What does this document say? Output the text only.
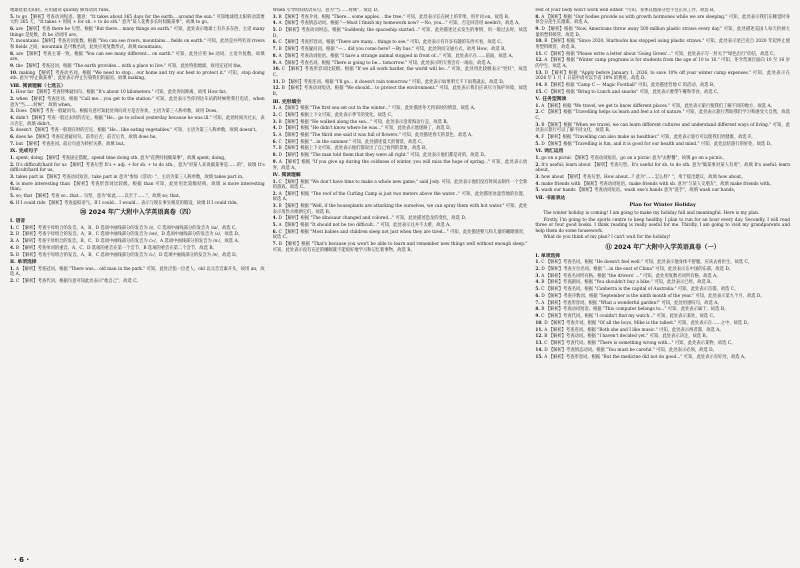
地球绕着太阳转。应用副词 quickly 修饰动词 runs。

5. to go 【解析】考查动词短语。题意："It takes about 365 days for the earth... around the sun." 可知地球绕太阳转动需要大约 365 天，"It takes + 时间 + for sb. + to do sth." 意为"某人花费多长时间做某事"，故填 to go。

6. are 【解析】考查 there be 句型。根据 "But there... many things on earth." 可知，此处表示地球上有许多东西，主语 many things 是复数，故 be 动词用 are。

7. mountains 【解析】考查名词复数。根据 "You can see rivers, mountains... fields on earth." 可知，此处是并列名词 rivers 和 fields 之间，mountain 是可数名词，此处应用复数形式，故填 mountains。

8. are 【解析】考查主谓一致。根据 "You can see many different... on earth." 可知，此处应用 be 动词，主语为复数，故填 are。

9. the 【解析】考查冠词。根据 "The earth provides... with a place to live." 可知，此处特指地球，故用定冠词 the。

10. making 【解析】考查动名词。根据 "We need to stop... our home and try our best to protect it." 可知，stop doing sth. 意为"停止做某事"，此处表示停止污染我们的家园，故填 making。

Ⅷ. 阅读理解（七选五）

1. How far 【解析】考查特殊疑问句。根据 "It's about 10 kilometers." 可知，此处询问距离，故用 How far。

2. when 【解析】考查连词。根据 "Call me... you get to the station." 可知，此处表示当你到达车站的时候给我打电话，when 意为"当……时候"，故填 when。

3. Does 【解析】考查一般疑问句。根据句意可知此处询问对方是否喜欢，主语为第三人称单数，故用 Does。

4. didn't 【解析】考查一般过去时的否定。根据 "He... go to school yesterday because he was ill." 可知，此处时间为过去，表示否定，故填 didn't。

5. doesn't 【解析】考查一般现在时的否定。根据 "He... like eating vegetables." 可知，主语为第三人称单数，故填 doesn't。

6. does he 【解析】考查反意疑问句。前肯后否、前否后肯，故填 does he。

7. but 【解析】考查连词。前后句意为转折关系，故填 but。

Ⅸ. 完成句子

1. spent; doing 【解析】考查固定搭配。spend time doing sth. 意为"花费时间做某事"，故填 spent; doing。

2. It's difficult/hard for us 【解析】考查句型 It's + adj. + for sb. + to do sth.，意为"对某人来说做某事是……的"，故填 It's difficult/hard for us。

3. takes part in 【解析】考查动词短语。take part in 意为"参加（活动）"，主语为第三人称单数，故填 takes part in。

4. is more interesting than 【解析】考查形容词比较级。根据 than 可知，此处用比较级结构，故填 is more interesting than。

5. so; that 【解析】考查 so...that... 句型，意为"如此……以至于……"，故填 so; that。

6. If I could ride 【解析】考查虚拟语气。If I could... I would... 表示与现在事实相反的假设，故填 If I could ride。

⑳ 2024 年广大附中入学英语真卷（四）
Ⅰ. 语音

1. C 【解析】考查字母组合的发音。A、B、D 选项中画线部分的发音为 /ɪ/，C 选项中画线部分的发音为 /aɪ/，故选 C。

2. D 【解析】考查字母组合的发音。A、B、C 选项中画线部分的发音为 /əʊ/，D 选项中画线部分的发音为 /ʌ/，故选 D。

3. A 【解析】考查字母组合的发音。B、C、D 选项中画线部分的发音为 /ɔː/，A 选项中画线部分的发音为 /ɑː/，故选 A。

4. B 【解析】考查单词的重音。A、C、D 选项的重音在第一个音节，B 选项的重音在第二个音节，故选 B。

5. D 【解析】考查字母组合的发音。A、B、C 选项中画线部分的发音为 /iː/，D 选项中画线部分的发音为 /e/，故选 D。

Ⅱ. 单项选择

1. A 【解析】考查冠词。根据 "There was... old man in the park." 可知，此处泛指一位老人，old 以元音音素开头，故用 an，故选 A。

2. C 【解析】考查代词。根据句意可知此处表示"他自己"，故选 C。

When 引导时间状语从句，意为"当……时候"，故选 D。

3. B 【解析】考查介词。根据 "There... some apples... the tree." 可知，此处表示长在树上的苹果，用介词 on，故选 B。

4. A 【解析】考查情态动词。根据 "—Must I finish my homework now? —No, you..." 可知，否定回答用 needn't，故选 A。

5. D 【解析】考查动词时态。根据 "Suddenly, the spaceship started..." 可知，此处描述过去发生的事情，用一般过去时，故选 D。

6. C 【解析】考查形容词。根据 "There are many... things to see." 可知，此处表示有许多有趣的东西可看，故选 C。

7. B 【解析】考查疑问词。根据 "—... did you come here? —By bus." 可知，此处询问交通方式，故用 How，故选 B。

8. A 【解析】考查动词短语。根据 "I have a strange animal stopped in front of..." 可知，此处表示在……前面，故选 A。

9. A 【解析】考查名词。根据 "There is going to be... tomorrow." 可知，此处表示明天将会有一场雨，故选 A。

10. C 【解析】考查形容词比较级。根据 "If we all work harder, the world will be..." 可知，此处用比较级表示"更好"，故选 C。

11. D 【解析】考查连词。根据 "I'll go... it doesn't rain tomorrow." 可知，此处表示如果明天不下雨我就去，故选 D。

12. B 【解析】考查动词短语。根据 "We should... to protect the environment." 可知，此处表示我们应该尽力保护环境，故选 B。

Ⅲ. 完形填空

1. A 【解析】根据 "The first sea set out in the winter..." 可知，此处描述冬天到来时的情景，故选 A。

2. C 【解析】根据上下文可知，此处表示季节的变化，故选 C。

3. B 【解析】根据 "He walked along the sea..." 可知，此处表示沿着海边行走，故选 B。

4. D 【解析】根据 "He didn't know where he was..." 可知，此处表示他迷路了，故选 D。

5. A 【解析】根据 "The third one said it was full of flowers." 可知，此处描述春天的景色，故选 A。

6. C 【解析】根据 "...in the summer." 可知，此处描述夏天的情景，故选 C。

7. B 【解析】根据上下文可知，此处表示他们都说出了自己看到的景象，故选 B。

8. D 【解析】根据 "The man told them that they were all right." 可知，此处表示他们都是对的，故选 D。

9. A 【解析】根据 "If you give up during the coldness of winter, you will miss the hope of spring..." 可知，此处表示放弃，故选 A。

Ⅳ. 阅读理解

1. C 【解析】根据 "We don't have time to make a whole new game," said Jody. 可知，此处表示他们没有时间去制作一个全新的游戏，故选 C。

2. A 【解析】根据 "The roof of the Curling Camp is just two meters above the water..." 可知，此处描述冰壶营地的位置，故选 A。

3. B 【解析】根据 "Well, if the houseplants are attacking the ourselves, we can spray them with hot water." 可知，此处表示用热水喷洒它们，故选 B。

4. D 【解析】根据 "The dinosaur changed and colored..." 可知，此处描述恐龙的变化，故选 D。

5. A 【解析】根据 "It should not be too difficult..." 可知，此处表示这并不太难，故选 A。

6. C 【解析】根据 "Most babies and children sleep not just when they are tired..." 可知，此处描述婴儿和儿童的睡眠情况，故选 C。

7. B 【解析】根据 "That's because you won't be able to learn and remember new things well without enough sleep." 可知，此处表示没有充足的睡眠就不能很好地学习和记忆新事物，故选 B。

rest of your body won't work well either. "可知，身体其他部分也不会正常工作，故选 B。

8. A 【解析】根据 "Our bodies provide us with growth hormones while we are sleeping." 可知，此处表示我们在睡觉时身体会分泌生长激素，故选 A。

9. D 【解析】根据 "Now, Americans throw away 500 million plastic straws every day." 可知，此处描述美国人每天扔掉大量的塑料吸管，故选 D。

10. B 【解析】根据 "Since 2020, Starbucks has stopped using plastic straws." 可知，此处表示星巴克自 2020 年起停止使用塑料吸管，故选 B。

11. C 【解析】根据 "Please write a letter about 'Going Green'..." 可知，此处表示写一封关于"绿色出行"的信，故选 C。

12. A 【解析】根据 "Winter camp programs is for students from the age of 10 to 16." 可知，冬令营项目面向 10 至 16 岁的学生，故选 A。

13. D 【解析】根据 "Apply before January 1, 2026, to save 10% off your winter camp expenses." 可知，此处表示在 2026 年 1 月 1 日前申请可以节省 10% 的费用，故选 D。

14. B 【解析】根据 "Camp C — Magic Football" 可知，此处描述营地 C 的活动，故选 B。

15. C 【解析】根据 "Bring to Lunch and snacks" 可知，此处表示要带午餐和零食，故选 C。

Ⅴ. 任务型阅读

1. A 【解析】根据 "We travel, we get to know different places." 可知，此处表示旅行使我们了解不同的地方，故选 A。

2. C 【解析】根据 "Travelling helps us learn and feel a lot of nature." 可知，此处表示旅行帮助我们学习和感受大自然，故选 C。

3. B 【解析】根据 "When we travel, we can learn different cultures and understand different ways of living." 可知，此处表示旅行可以了解不同文化，故选 B。

4. F 【解析】根据 "Travelling can also make us healthier." 可知，此处表示旅行可以使我们更健康，故选 F。

5. D 【解析】根据 "Travelling is fun, and it is good for our health and mind." 可知，此处总结旅行的好处，故选 D。

Ⅵ. 词汇运用

1. go on a picnic 【解析】考查动词短语。go on a picnic 意为"去野餐"，故填 go on a picnic。

2. It's useful; learn about 【解析】考查句型。It's useful for sb. to do sth. 意为"做某事对某人有用"，故填 It's useful; learn about。

3. how about 【解析】考查句型。How about...? 意为"……怎么样？"，用于提出建议，故填 how about。

4. make friends with 【解析】考查动词短语。make friends with sb. 意为"与某人交朋友"，故填 make friends with。

5. wash our hands 【解析】考查动词短语。wash one's hands 意为"洗手"，故填 wash our hands。

Ⅶ. 书面表达
Plan for Winter Holiday

The winter holiday is coming! I am going to make my holiday full and meaningful. Here is my plan.

Firstly, I'm going to the sports centre to keep healthy. I plan to run for an hour every day. Secondly, I will read three or four good books. I think reading is really useful for me. Thirdly, I am going to visit my grandparents and help them do some housework.

What do you think of my plan? I can't wait for the holiday!

⑪ 2024 年广大附中入学英语真卷（一）
Ⅰ. 单项选择

1. C 【解析】考查名词。根据 "He doesn't feel well." 可知，此处表示他身体不舒服，应该去看医生，故选 C。

2. D 【解析】考查方位名词。根据 "...in the east of China" 可知，此处表示在中国的东部，故选 D。

3. A 【解析】考查名词所有格。根据 "the drivers' ..." 可知，此处用复数名词所有格，故选 A。

4. B 【解析】考查副词。根据 "You shouldn't buy a bike." 可知，此处表示已经，故选 B。

5. C 【解析】考查名词。根据 "Canberra is the capital of Australia." 可知，此处表示首都，故选 C。

6. D 【解析】考查序数词。根据 "September is the ninth month of the year." 可知，此处表示第九个月，故选 D。

7. A 【解析】考查形容词。根据 "What a wonderful garden!" 可知，此处用感叹句，故选 A。

8. B 【解析】考查动词短语。根据 "This computer belongs to..." 可知，此处表示属于，故选 B。

9. C 【解析】考查代词。根据 "I couldn't find my watch..." 可知，此处表示某处，故选 C。

10. D 【解析】考查介词。根据 "Of all the boys, Mike is the tallest." 可知，此处表示在……之中，故选 D。

11. A 【解析】考查连词。根据 "Both she and I like music." 可知，此处表示两者都，故选 A。

12. B 【解析】考查动词。根据 "I haven't decided yet." 可知，此处表示决定，故选 B。

13. C 【解析】考查代词。根据 "There is something wrong with..." 可知，此处表示某物，故选 C。

14. D 【解析】考查情态动词。根据 "You must be careful." 可知，此处表示必须，故选 D。

15. A 【解析】考查形容词。根据 "But the medicine did not do good..." 可知，此处表示有好处，故选 A。

· 6 ·
